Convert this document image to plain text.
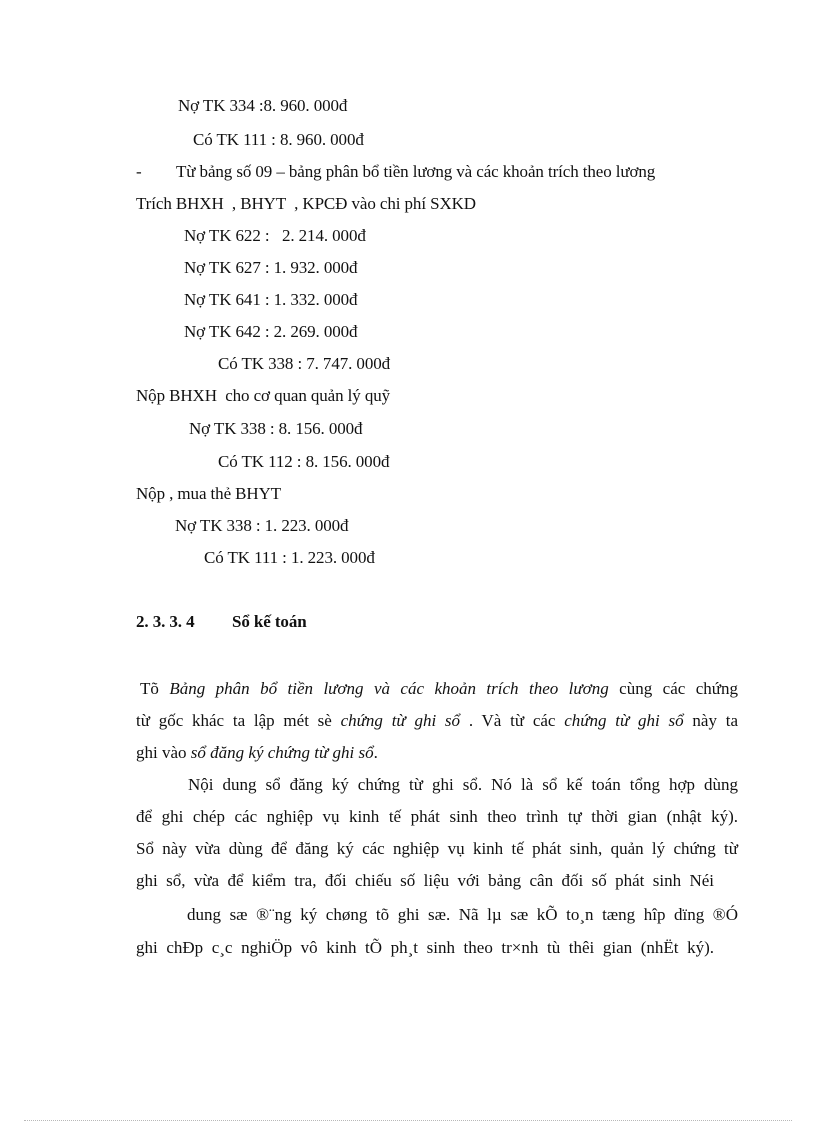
Nợ TK 334 :8. 960. 000đ
Có TK 111 : 8. 960. 000đ
- Từ bảng số 09 – bảng phân bổ tiền lương và các khoản trích theo lương
Trích BHXH  , BHYT  , KPCĐ vào chi phí SXKD
Nợ TK 622 :   2. 214. 000đ
Nợ TK 627 : 1. 932. 000đ
Nợ TK 641 : 1. 332. 000đ
Nợ TK 642 : 2. 269. 000đ
Có TK 338 : 7. 747. 000đ
Nộp BHXH  cho cơ quan quản lý quỹ
Nợ TK 338 : 8. 156. 000đ
Có TK 112 : 8. 156. 000đ
Nộp , mua thẻ BHYT
Nợ TK 338 : 1. 223. 000đ
Có TK 111 : 1. 223. 000đ
2. 3. 3. 4 Sổ kế toán
Tõ Bảng phân bổ tiền lương và các khoản trích theo lương cùng các chứng
từ gốc khác ta lập mét sè chứng từ ghi sổ . Và từ các chứng từ ghi sổ này ta
ghi vào sổ đăng ký chứng từ ghi sổ.
Nội dung sổ đăng ký chứng từ ghi sổ. Nó là sổ kế toán tổng hợp dùng
để ghi chép các nghiệp vụ kinh tế phát sinh theo trình tự thời gian (nhật ký).
Sổ này vừa dùng để đăng ký các nghiệp vụ kinh tế phát sinh, quản lý chứng từ
ghi sổ, vừa để kiểm tra, đối chiếu số liệu với bảng cân đối số phát sinh Néi
dung sæ ®¨ng ký chøng tõ ghi sæ. Nã lµ sæ kÕ to¸n tæng hîp dïng ®Ó
ghi chÐp c¸c nghiÖp vô kinh tÕ ph¸t sinh theo tr×nh tù thêi gian (nhËt ký).
